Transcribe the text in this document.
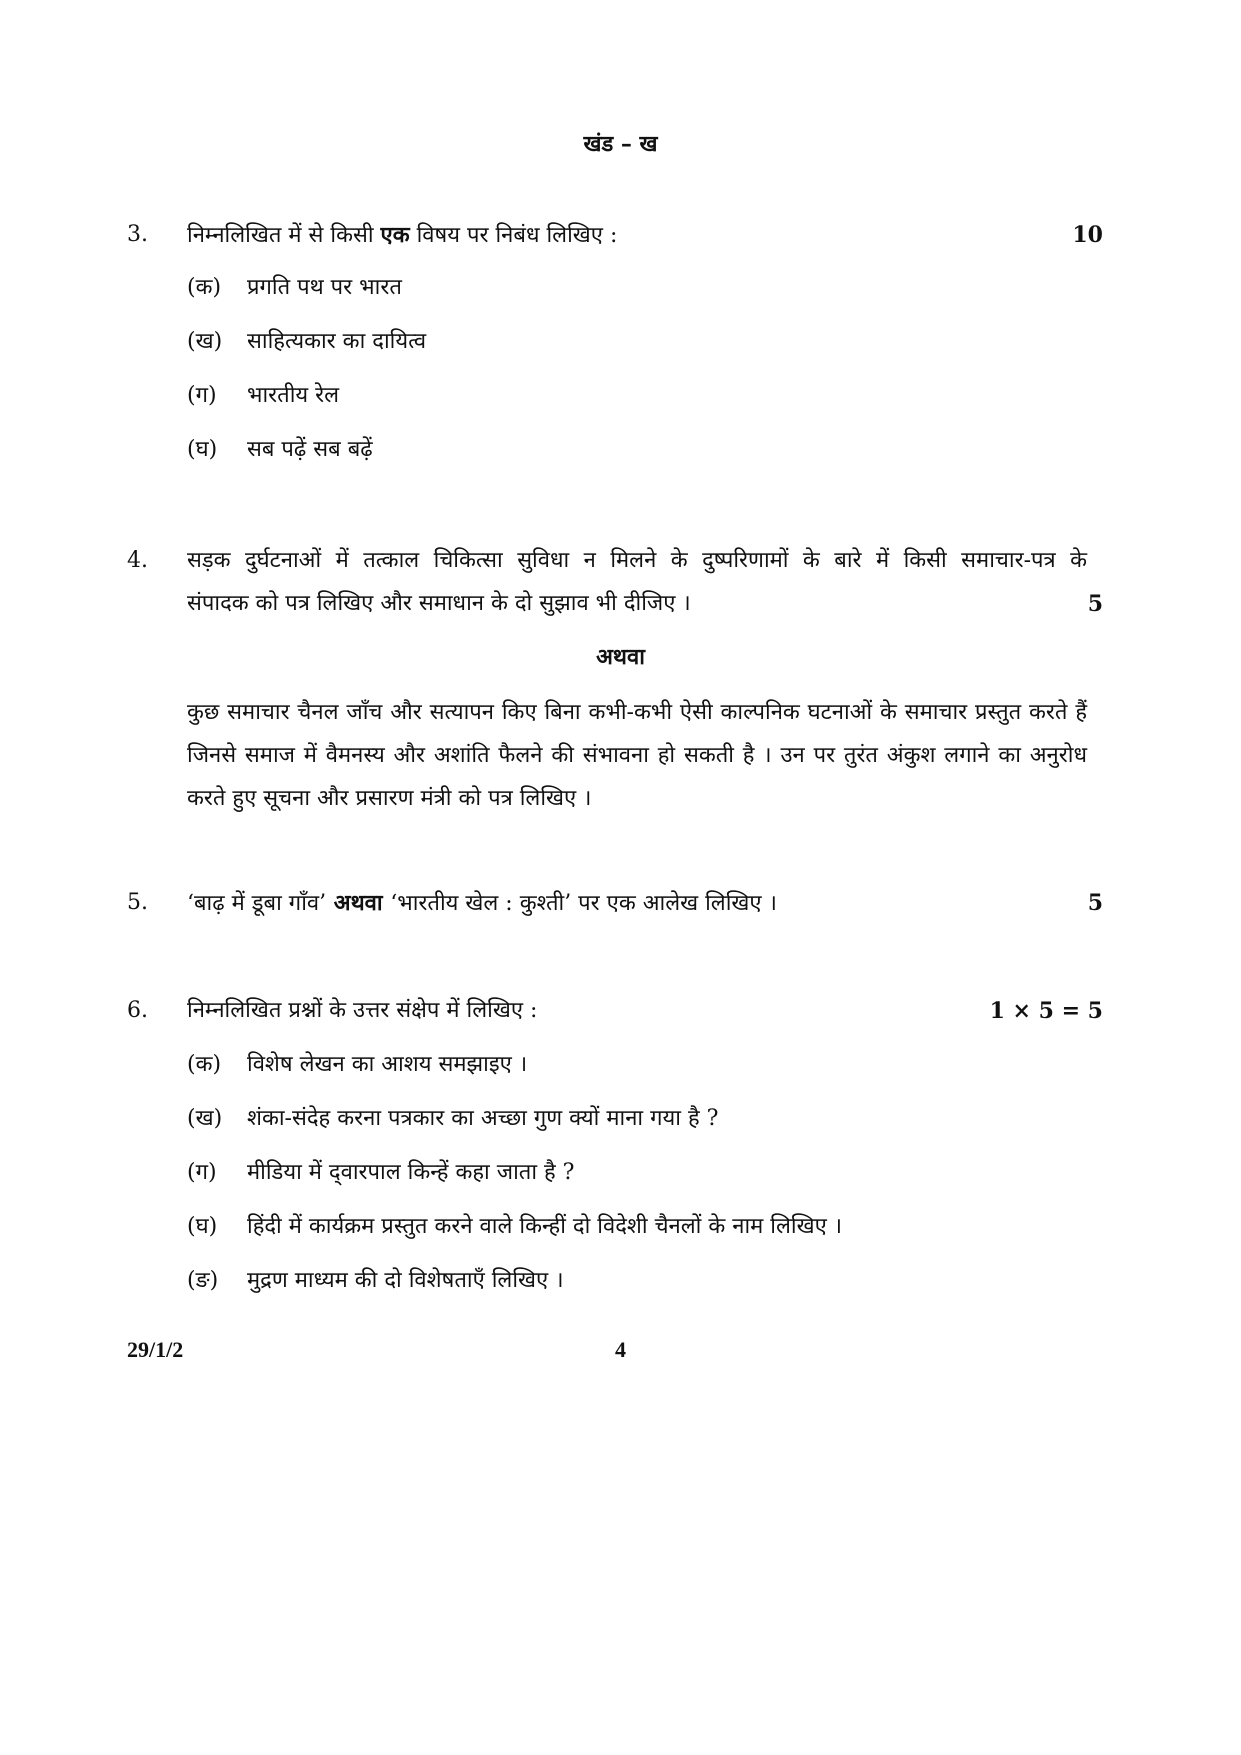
खंड – ख
3. निम्नलिखित में से किसी एक विषय पर निबंध लिखिए :	10
(क) प्रगति पथ पर भारत
(ख) साहित्यकार का दायित्व
(ग) भारतीय रेल
(घ) सब पढ़ें सब बढ़ें
4. सड़क दुर्घटनाओं में तत्काल चिकित्सा सुविधा न मिलने के दुष्परिणामों के बारे में किसी समाचार-पत्र के
संपादक को पत्र लिखिए और समाधान के दो सुझाव भी दीजिए ।	5
अथवा
कुछ समाचार चैनल जाँच और सत्यापन किए बिना कभी-कभी ऐसी काल्पनिक घटनाओं के समाचार प्रस्तुत करते हैं जिनसे समाज में वैमनस्य और अशांति फैलने की संभावना हो सकती है । उन पर तुरंत अंकुश लगाने का अनुरोध करते हुए सूचना और प्रसारण मंत्री को पत्र लिखिए ।
5. ‘बाढ़ में डूबा गाँव’ अथवा ‘भारतीय खेल : कुश्ती’ पर एक आलेख लिखिए ।	5
6. निम्नलिखित प्रश्नों के उत्तर संक्षेप में लिखिए :	1 × 5 = 5
(क) विशेष लेखन का आशय समझाइए ।
(ख) शंका-संदेह करना पत्रकार का अच्छा गुण क्यों माना गया है ?
(ग) मीडिया में द्‌वारपाल किन्हें कहा जाता है ?
(घ) हिंदी में कार्यक्रम प्रस्तुत करने वाले किन्हीं दो विदेशी चैनलों के नाम लिखिए ।
(ङ) मुद्रण माध्यम की दो विशेषताएँ लिखिए ।
29/1/2	4
